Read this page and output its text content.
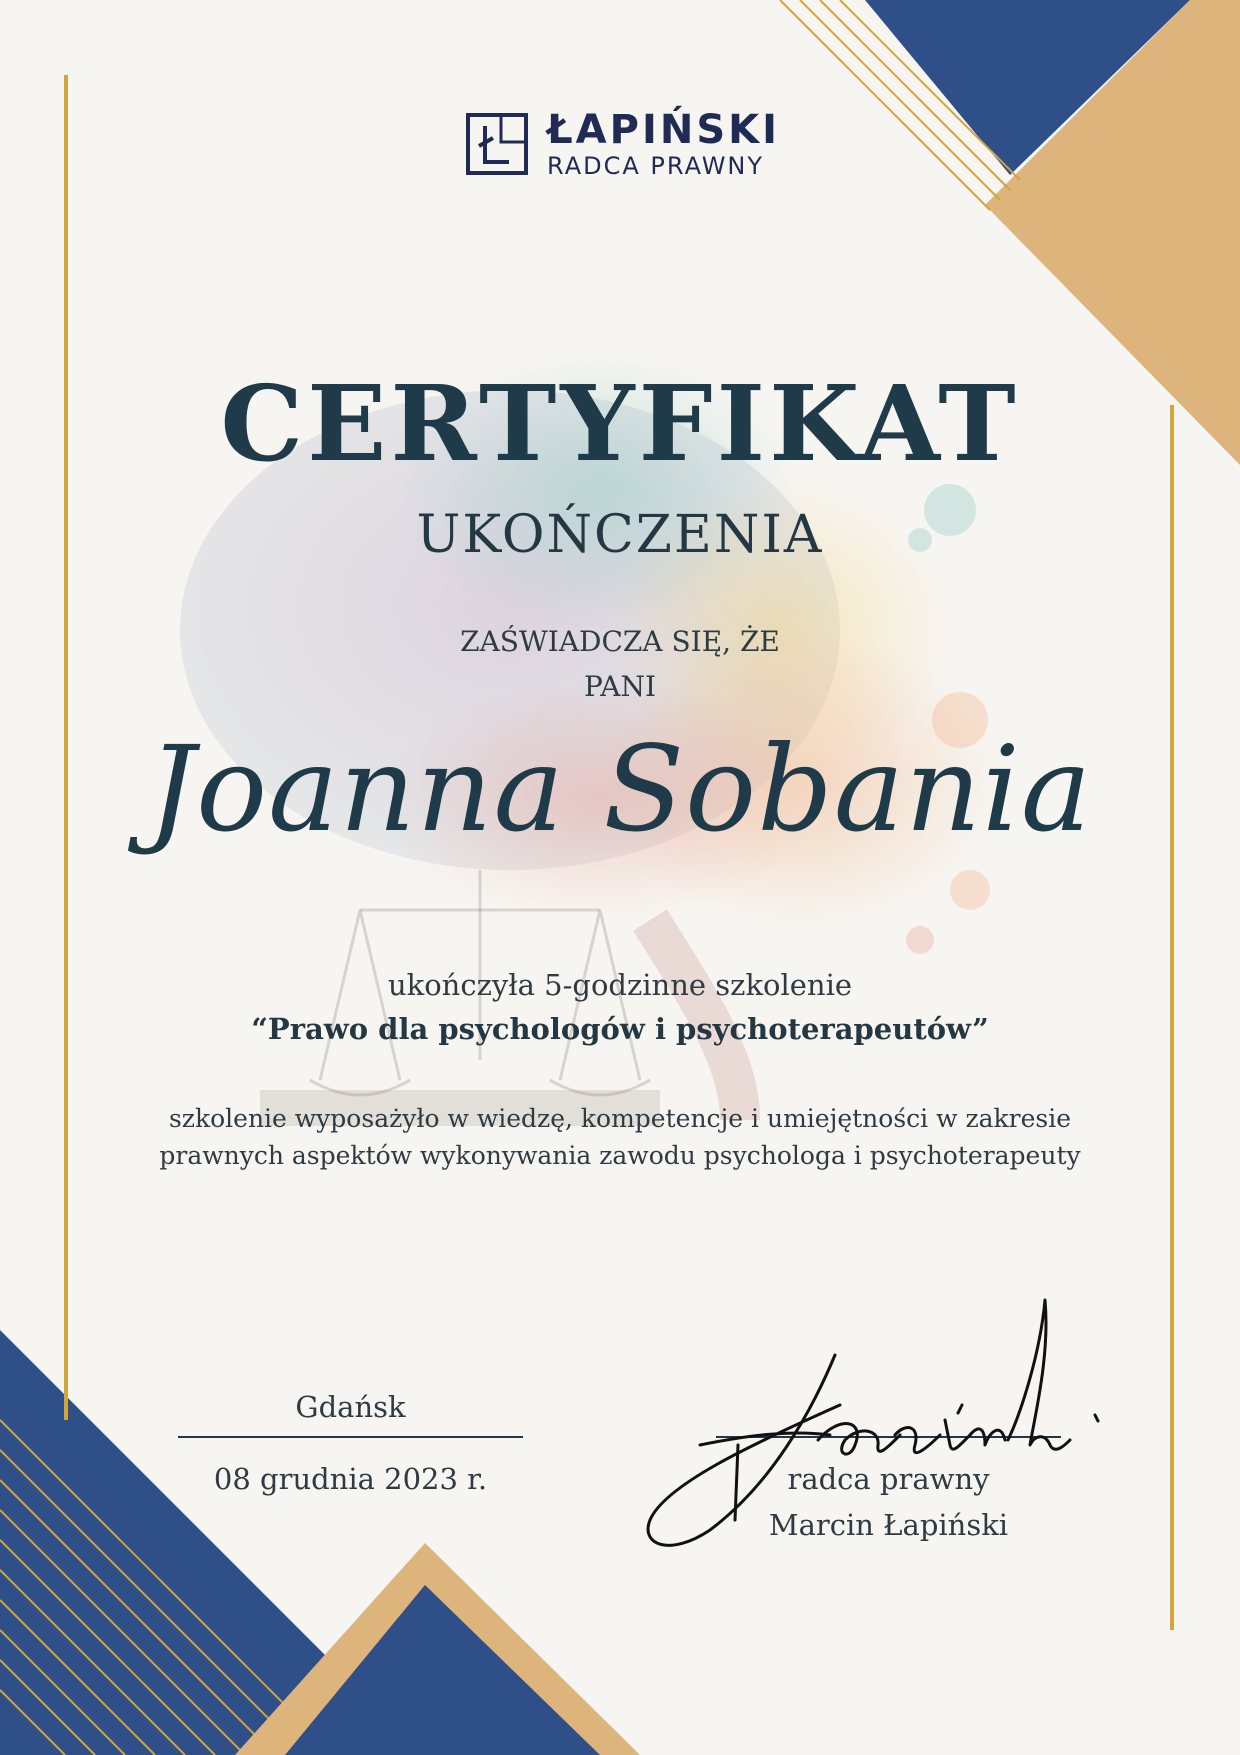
ŁAPIŃSKI
RADCA PRAWNY
CERTYFIKAT
UKOŃCZENIA
ZAŚWIADCZA SIĘ, ŻE
PANI
Joanna Sobania
ukończyła 5-godzinne szkolenie
“Prawo dla psychologów i psychoterapeutów”
szkolenie wyposażyło w wiedzę, kompetencje i umiejętności w zakresie
prawnych aspektów wykonywania zawodu psychologa i psychoterapeuty
Gdańsk
08 grudnia 2023 r.	radca prawny
Marcin Łapiński
